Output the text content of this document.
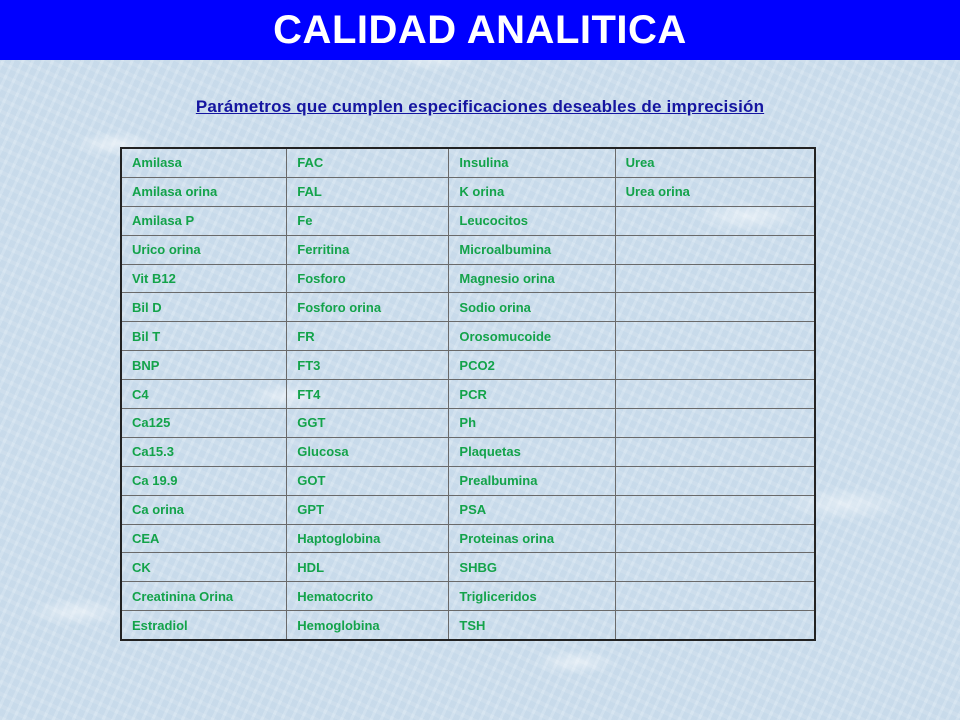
CALIDAD ANALITICA
Parámetros que cumplen especificaciones deseables de imprecisión
Amilasa	FAC	Insulina	Urea
Amilasa orina	FAL	K orina	Urea orina
Amilasa P	Fe	Leucocitos	
Urico orina	Ferritina	Microalbumina	
Vit B12	Fosforo	Magnesio orina	
Bil D	Fosforo orina	Sodio orina	
Bil T	FR	Orosomucoide	
BNP	FT3	PCO2	
C4	FT4	PCR	
Ca125	GGT	Ph	
Ca15.3	Glucosa	Plaquetas	
Ca 19.9	GOT	Prealbumina	
Ca orina	GPT	PSA	
CEA	Haptoglobina	Proteinas orina	
CK	HDL	SHBG	
Creatinina Orina	Hematocrito	Trigliceridos	
Estradiol	Hemoglobina	TSH	
